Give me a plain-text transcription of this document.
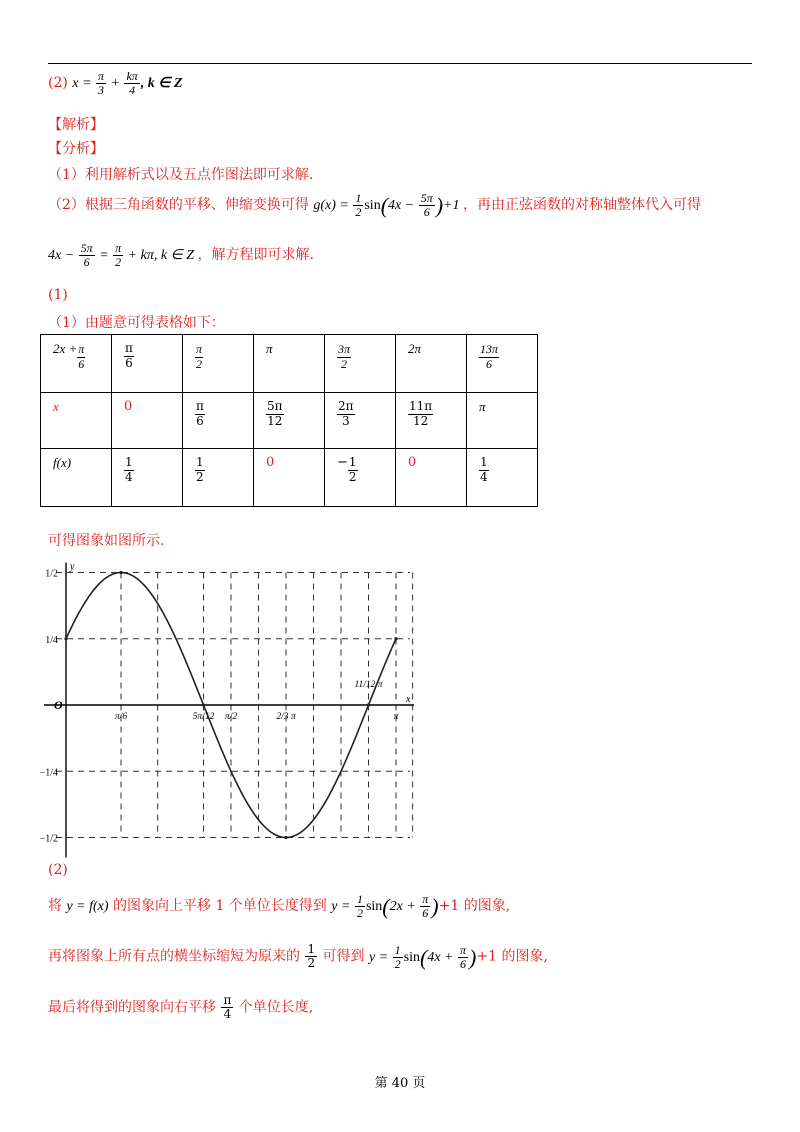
(2) $x = \frac{\pi}{3} + \frac{k\pi}{4}$ , k ∈ Z
【解析】
【分析】
（1）利用解析式以及五点作图法即可求解.
（2）根据三角函数的平移、伸缩变换可得 $g(x) = \frac{1}{2} \sin(4x - \frac{5\pi}{6} )+1$ ，再由正弦函数的对称轴整体代入可得
$4x - \frac{5\pi}{6} = \frac{\pi}{2} + k\pi$, k ∈ Z ，解方程即可求解.
(1)
（1）由题意可得表格如下：
$2x + \frac{\pi}{6}$	$\frac{\pi}{6}$	$\frac{\pi}{2}$	π	$\frac{3\pi}{2}$	2π	$\frac{13\pi}{6}$

x	0	$\frac{\pi}{6}$	$\frac{5\pi}{12}$	$\frac{2\pi}{3}$	$\frac{11\pi}{12}$	π
f(x)	$\frac{1}{4}$	$\frac{1}{2}$	0	− $\frac{1}{2}$	0	$\frac{1}{4}$
可得图象如图所示.
y
x
O
π/6	5π/12 π/2	2/3 π
11/12 π
π
1/2
1/4
−1/4
−1/2
(2)
将 y = f(x) 的图象向上平移 1 个单位长度得到 $y = \frac{1}{2} \sin(2x + \frac{\pi}{6} )+1$ 的图象,
再将图象上所有点的横坐标缩短为原来的 $\frac{1}{2}$ 可得到 $y = \frac{1}{2} \sin(4x + \frac{\pi}{6} )+1$ 的图象,
最后将得到的图象向右平移 $\frac{\pi}{4}$ 个单位长度,
第 40 页
